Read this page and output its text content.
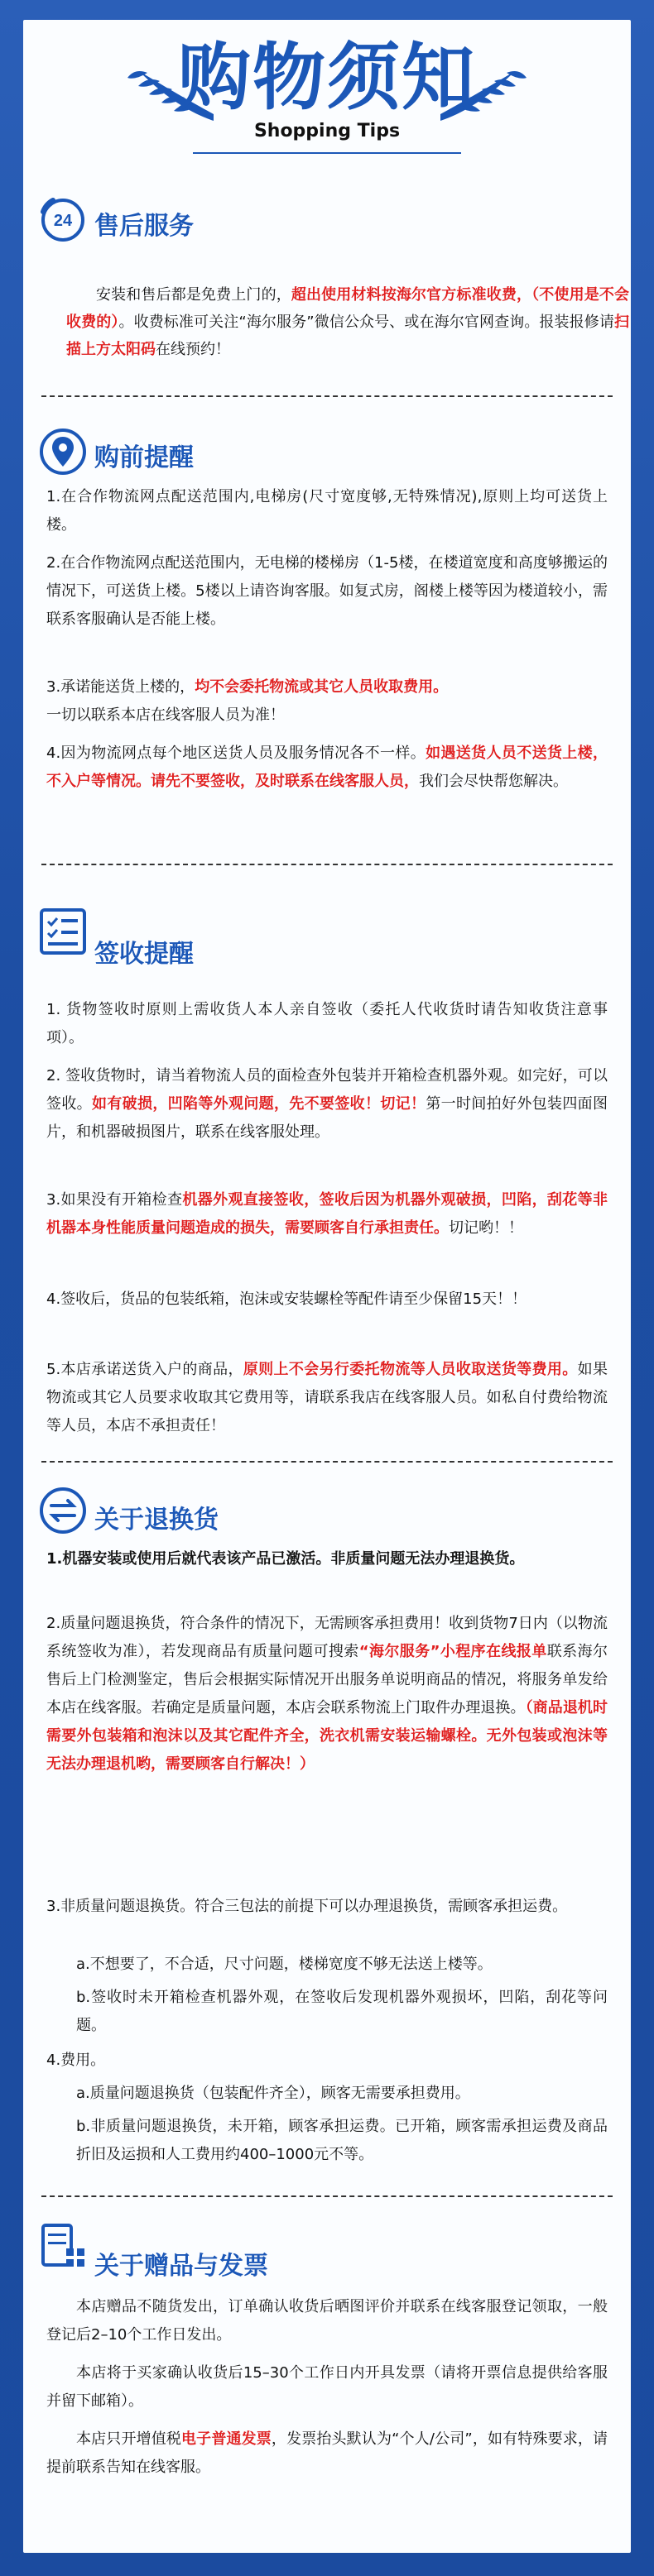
购物须知
Shopping Tips
24 售后服务

安装和售后都是免费上门的，超出使用材料按海尔官方标准收费，（不使用是不会收费的）。收费标准可关注“海尔服务”微信公众号、或在海尔官网查询。报装报修请扫描上方太阳码在线预约！

购前提醒
1.在合作物流网点配送范围内,电梯房(尺寸宽度够,无特殊情况),原则上均可送货上楼。
2.在合作物流网点配送范围内，无电梯的楼梯房（1-5楼，在楼道宽度和高度够搬运的情况下，可送货上楼。5楼以上请咨询客服。如复式房，阁楼上楼等因为楼道较小，需联系客服确认是否能上楼。
3.承诺能送货上楼的，均不会委托物流或其它人员收取费用。
一切以联系本店在线客服人员为准！
4.因为物流网点每个地区送货人员及服务情况各不一样。如遇送货人员不送货上楼，不入户等情况。请先不要签收，及时联系在线客服人员，我们会尽快帮您解决。
签收提醒
1. 货物签收时原则上需收货人本人亲自签收（委托人代收货时请告知收货注意事项）。
2. 签收货物时，请当着物流人员的面检查外包装并开箱检查机器外观。如完好，可以签收。如有破损，凹陷等外观问题，先不要签收！切记！第一时间拍好外包装四面图片，和机器破损图片，联系在线客服处理。
3.如果没有开箱检查机器外观直接签收，签收后因为机器外观破损，凹陷，刮花等非机器本身性能质量问题造成的损失，需要顾客自行承担责任。切记哟！！
4.签收后，货品的包装纸箱，泡沫或安装螺栓等配件请至少保留15天！！
5.本店承诺送货入户的商品，原则上不会另行委托物流等人员收取送货等费用。如果物流或其它人员要求收取其它费用等，请联系我店在线客服人员。如私自付费给物流等人员，本店不承担责任！
关于退换货
1.机器安装或使用后就代表该产品已激活。非质量问题无法办理退换货。
2.质量问题退换货，符合条件的情况下，无需顾客承担费用！收到货物7日内（以物流系统签收为准），若发现商品有质量问题可搜索“海尔服务”小程序在线报单联系海尔售后上门检测鉴定，售后会根据实际情况开出服务单说明商品的情况，将服务单发给本店在线客服。若确定是质量问题，本店会联系物流上门取件办理退换。（商品退机时需要外包装箱和泡沫以及其它配件齐全，洗衣机需安装运输螺栓。无外包装或泡沫等无法办理退机哟，需要顾客自行解决！）
3.非质量问题退换货。符合三包法的前提下可以办理退换货，需顾客承担运费。
a.不想要了，不合适，尺寸问题，楼梯宽度不够无法送上楼等。
b.签收时未开箱检查机器外观，在签收后发现机器外观损坏，凹陷，刮花等问题。
4.费用。
a.质量问题退换货（包装配件齐全），顾客无需要承担费用。
b.非质量问题退换货，未开箱，顾客承担运费。已开箱，顾客需承担运费及商品折旧及运损和人工费用约400–1000元不等。
关于赠品与发票
本店赠品不随货发出，订单确认收货后晒图评价并联系在线客服登记领取，一般登记后2–10个工作日发出。
本店将于买家确认收货后15–30个工作日内开具发票（请将开票信息提供给客服并留下邮箱）。
本店只开增值税电子普通发票，发票抬头默认为“个人/公司”，如有特殊要求，请提前联系告知在线客服。
